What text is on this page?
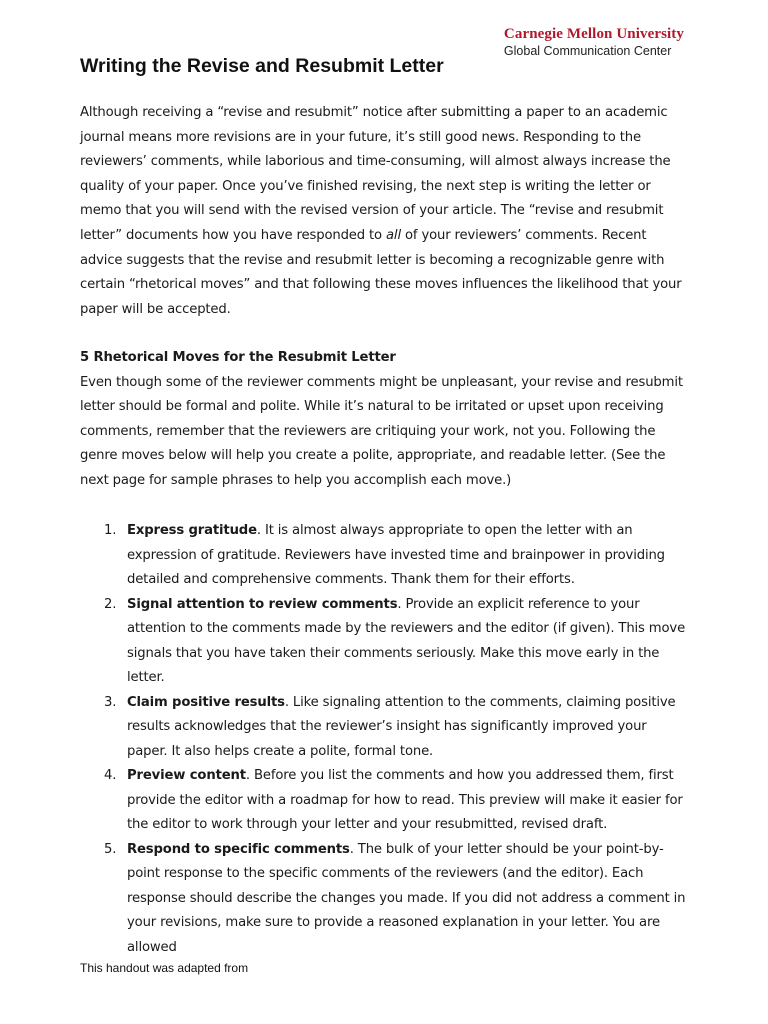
Carnegie Mellon University
Global Communication Center
Writing the Revise and Resubmit Letter
Although receiving a “revise and resubmit” notice after submitting a paper to an academic journal means more revisions are in your future, it’s still good news. Responding to the reviewers’ comments, while laborious and time-consuming, will almost always increase the quality of your paper. Once you’ve finished revising, the next step is writing the letter or memo that you will send with the revised version of your article. The “revise and resubmit letter” documents how you have responded to all of your reviewers’ comments. Recent advice suggests that the revise and resubmit letter is becoming a recognizable genre with certain “rhetorical moves” and that following these moves influences the likelihood that your paper will be accepted.
5 Rhetorical Moves for the Resubmit Letter
Even though some of the reviewer comments might be unpleasant, your revise and resubmit letter should be formal and polite. While it’s natural to be irritated or upset upon receiving comments, remember that the reviewers are critiquing your work, not you. Following the genre moves below will help you create a polite, appropriate, and readable letter. (See the next page for sample phrases to help you accomplish each move.)
1. Express gratitude. It is almost always appropriate to open the letter with an expression of gratitude. Reviewers have invested time and brainpower in providing detailed and comprehensive comments. Thank them for their efforts.
2. Signal attention to review comments. Provide an explicit reference to your attention to the comments made by the reviewers and the editor (if given). This move signals that you have taken their comments seriously. Make this move early in the letter.
3. Claim positive results. Like signaling attention to the comments, claiming positive results acknowledges that the reviewer’s insight has significantly improved your paper. It also helps create a polite, formal tone.
4. Preview content. Before you list the comments and how you addressed them, first provide the editor with a roadmap for how to read. This preview will make it easier for the editor to work through your letter and your resubmitted, revised draft.
5. Respond to specific comments. The bulk of your letter should be your point-by-point response to the specific comments of the reviewers (and the editor). Each response should describe the changes you made. If you did not address a comment in your revisions, make sure to provide a reasoned explanation in your letter. You are allowed
This handout was adapted from
